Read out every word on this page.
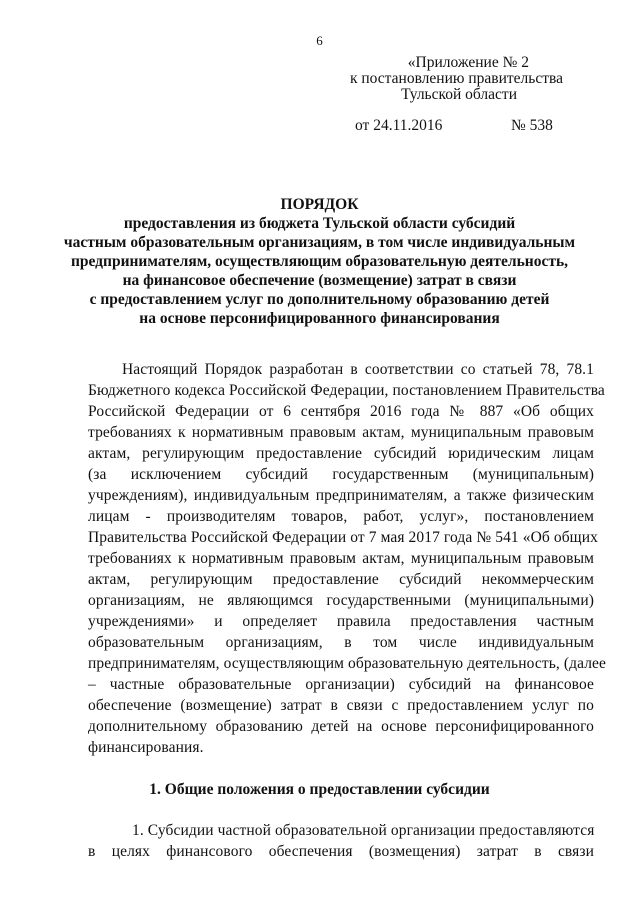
6
«Приложение № 2
к постановлению правительства
Тульской области
от 24.11.2016	№ 538
ПОРЯДОК
предоставления из бюджета Тульской области субсидий
частным образовательным организациям, в том числе индивидуальным
предпринимателям, осуществляющим образовательную деятельность,
на финансовое обеспечение (возмещение) затрат в связи
с предоставлением услуг по дополнительному образованию детей
на основе персонифицированного финансирования
Настоящий Порядок разработан в соответствии со статьей 78, 78.1
Бюджетного кодекса Российской Федерации, постановлением Правительства
Российской Федерации от 6 сентября 2016 года № 887 «Об общих
требованиях к нормативным правовым актам, муниципальным правовым
актам, регулирующим предоставление субсидий юридическим лицам
(за исключением субсидий государственным (муниципальным)
учреждениям), индивидуальным предпринимателям, а также физическим
лицам - производителям товаров, работ, услуг», постановлением
Правительства Российской Федерации от 7 мая 2017 года № 541 «Об общих
требованиях к нормативным правовым актам, муниципальным правовым
актам, регулирующим предоставление субсидий некоммерческим
организациям, не являющимся государственными (муниципальными)
учреждениями» и определяет правила предоставления частным
образовательным организациям, в том числе индивидуальным
предпринимателям, осуществляющим образовательную деятельность, (далее
– частные образовательные организации) субсидий на финансовое
обеспечение (возмещение) затрат в связи с предоставлением услуг по
дополнительному образованию детей на основе персонифицированного
финансирования.
1. Общие положения о предоставлении субсидии
1. Субсидии частной образовательной организации предоставляются
в целях финансового обеспечения (возмещения) затрат в связи
